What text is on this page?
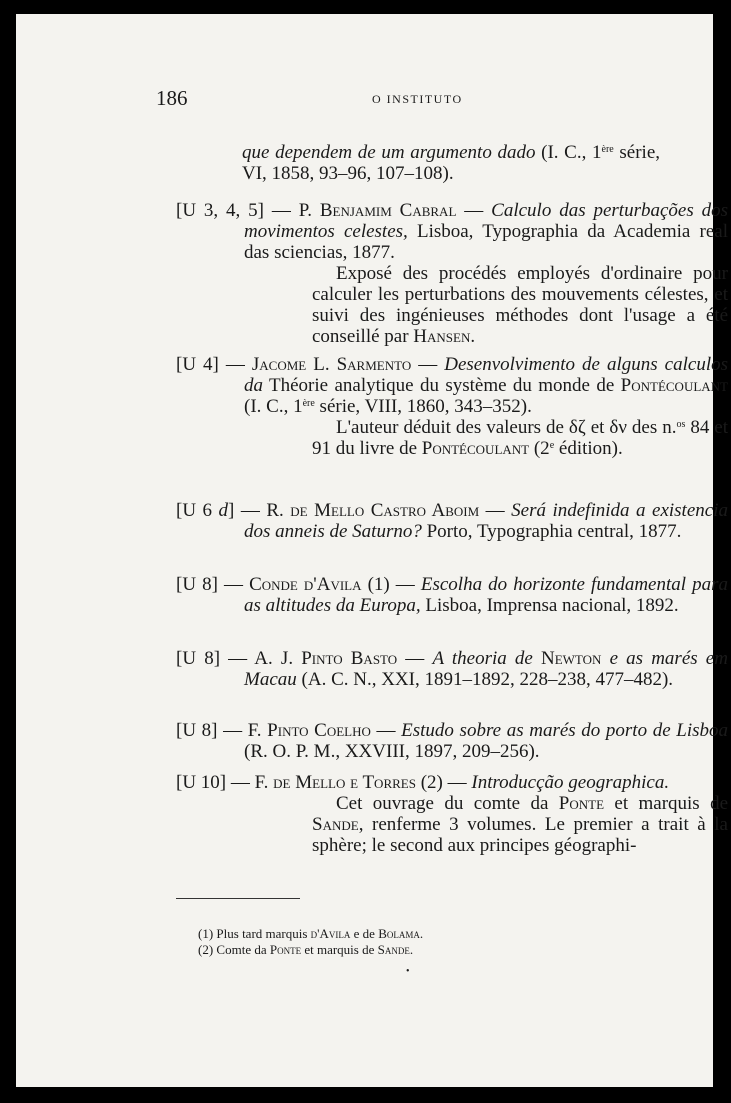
186	O INSTITUTO
que dependem de um argumento dado (I. C., 1ère série, VI, 1858, 93–96, 107–108).
[U 3, 4, 5] — P. Benjamim Cabral — Calculo das perturbações dos movimentos celestes, Lisboa, Typographia da Academia real das sciencias, 1877.
Exposé des procédés employés d'ordinaire pour calculer les perturbations des mouvements célestes, et suivi des ingénieuses méthodes dont l'usage a été conseillé par Hansen.
[U 4] — Jacome L. Sarmento — Desenvolvimento de alguns calculos da Théorie analytique du système du monde de Pontécoulant (I. C., 1ère série, VIII, 1860, 343–352).
L'auteur déduit des valeurs de δζ et δν des n.$^{os}$ 84 et 91 du livre de Pontécoulant (2e édition).
[U 6 d] — R. de Mello Castro Aboim — Será indefinida a existencia dos anneis de Saturno? Porto, Typographia central, 1877.
[U 8] — Conde d'Avila (1) — Escolha do horizonte fundamental para as altitudes da Europa, Lisboa, Imprensa nacional, 1892.
[U 8] — A. J. Pinto Basto — A theoria de Newton e as marés em Macau (A. C. N., XXI, 1891–1892, 228–238, 477–482).
[U 8] — F. Pinto Coelho — Estudo sobre as marés do porto de Lisboa (R. O. P. M., XXVIII, 1897, 209–256).
[U 10] — F. de Mello e Torres (2) — Introducção geographica.
Cet ouvrage du comte da Ponte et marquis de Sande, renferme 3 volumes. Le premier a trait à la sphère; le second aux principes géographi-
(1) Plus tard marquis d'Avila e de Bolama.
(2) Comte da Ponte et marquis de Sande.
•
